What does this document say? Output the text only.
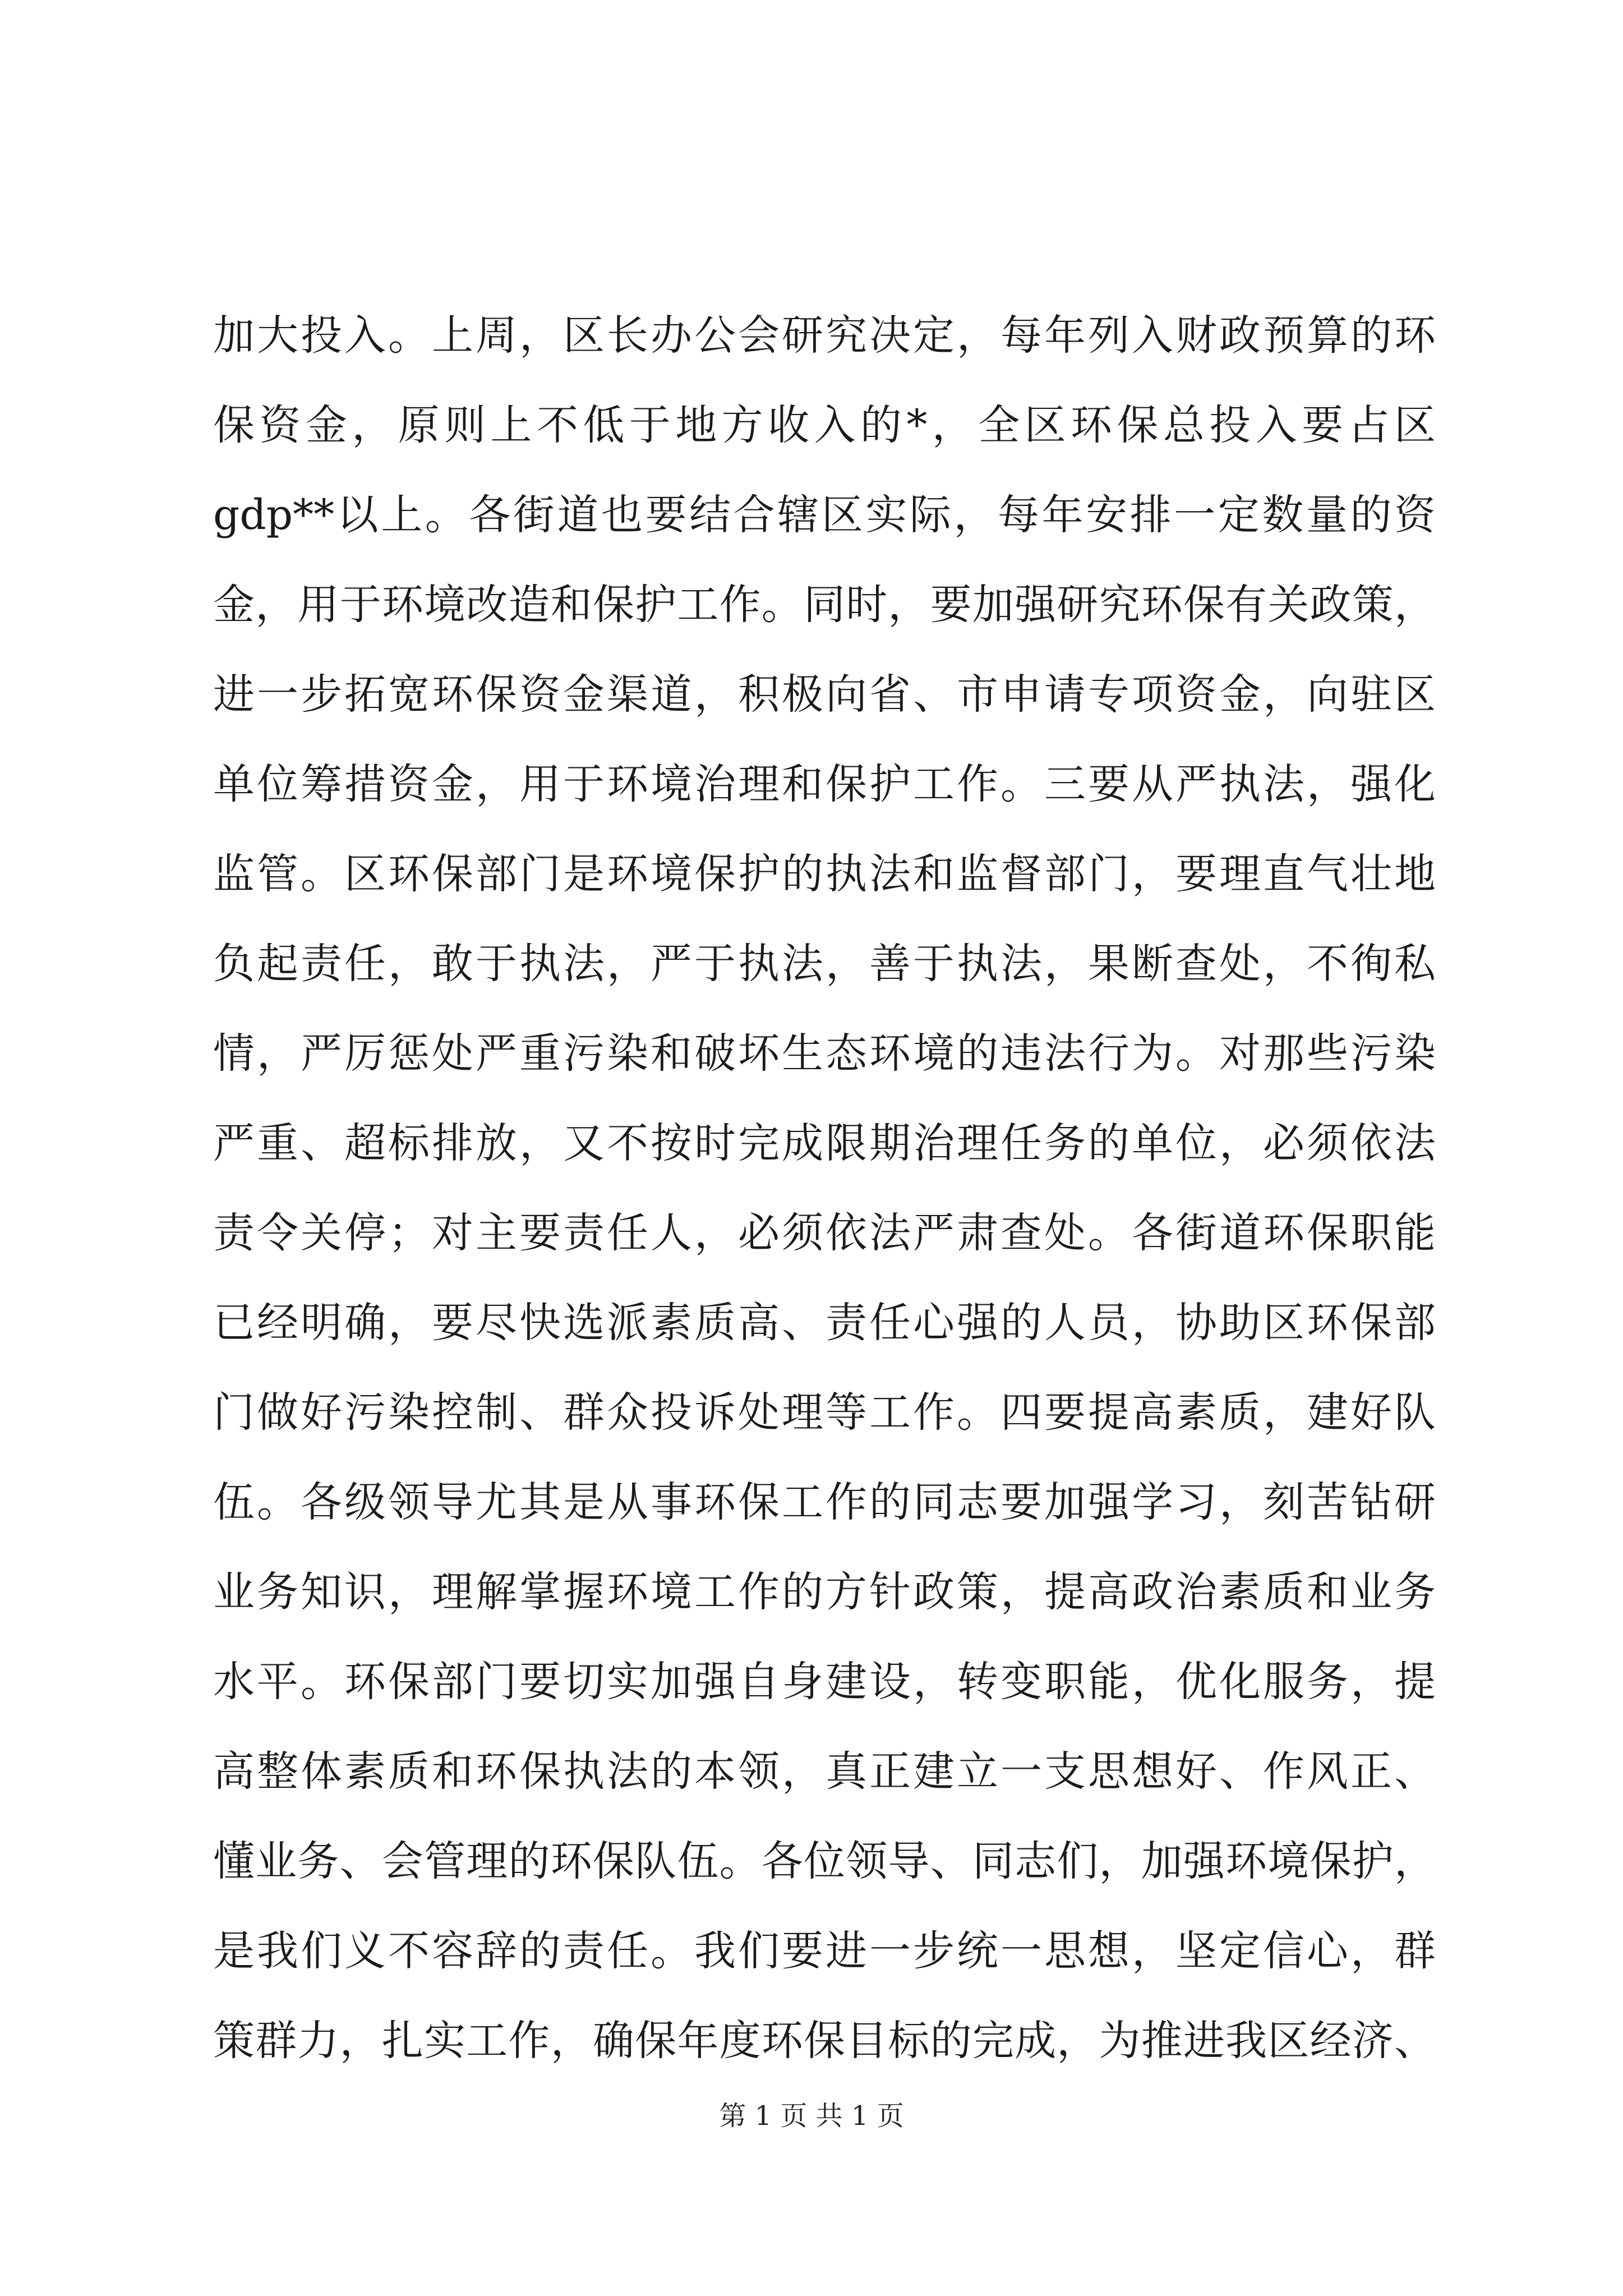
加大投入。上周，区长办公会研究决定，每年列入财政预算的环
保资金，原则上不低于地方收入的*，全区环保总投入要占区
gdp**以上。各街道也要结合辖区实际，每年安排一定数量的资
金，用于环境改造和保护工作。同时，要加强研究环保有关政策，
进一步拓宽环保资金渠道，积极向省、市申请专项资金，向驻区
单位筹措资金，用于环境治理和保护工作。三要从严执法，强化
监管。区环保部门是环境保护的执法和监督部门，要理直气壮地
负起责任，敢于执法，严于执法，善于执法，果断查处，不徇私
情，严厉惩处严重污染和破坏生态环境的违法行为。对那些污染
严重、超标排放，又不按时完成限期治理任务的单位，必须依法
责令关停；对主要责任人，必须依法严肃查处。各街道环保职能
已经明确，要尽快选派素质高、责任心强的人员，协助区环保部
门做好污染控制、群众投诉处理等工作。四要提高素质，建好队
伍。各级领导尤其是从事环保工作的同志要加强学习，刻苦钻研
业务知识，理解掌握环境工作的方针政策，提高政治素质和业务
水平。环保部门要切实加强自身建设，转变职能，优化服务，提
高整体素质和环保执法的本领，真正建立一支思想好、作风正、
懂业务、会管理的环保队伍。各位领导、同志们，加强环境保护，
是我们义不容辞的责任。我们要进一步统一思想，坚定信心，群
策群力，扎实工作，确保年度环保目标的完成，为推进我区经济、
第 1 页 共 1 页
